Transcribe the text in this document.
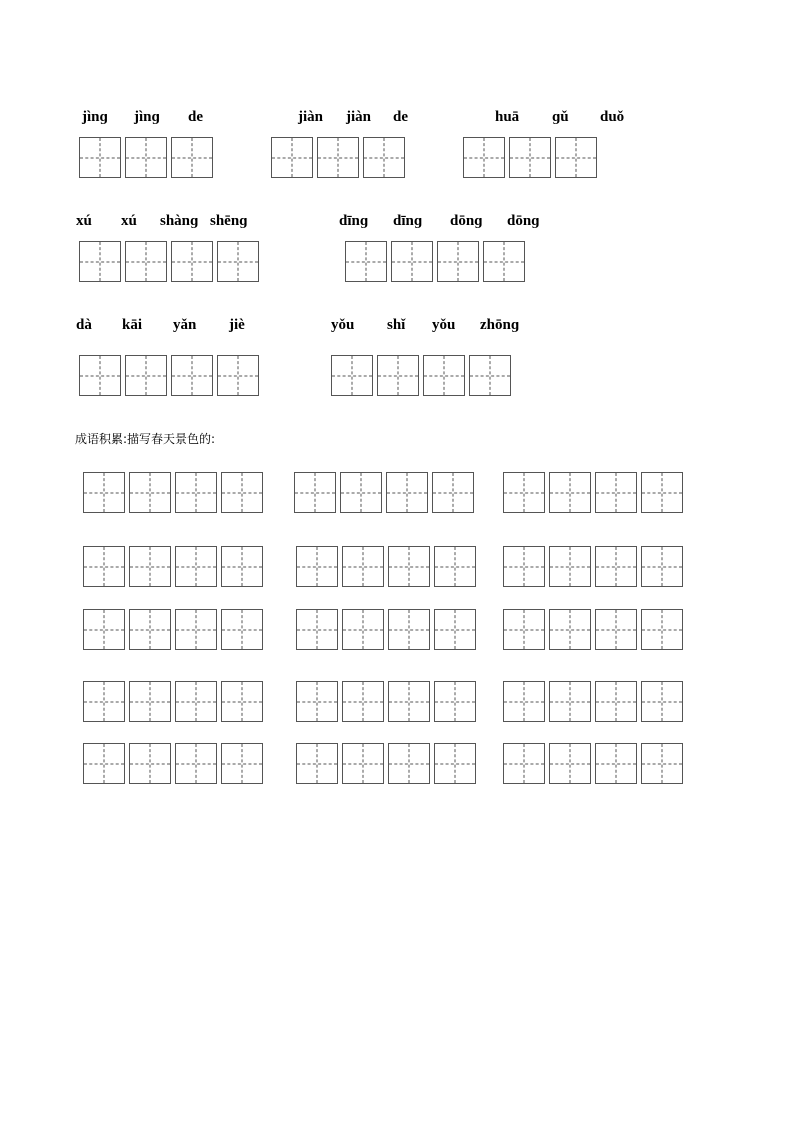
jìnɡ jìnɡ de	jiàn jiàn de	huā ɡǔ duǒ
xú xú shànɡ shēnɡ	dīnɡ dīnɡ dōnɡ dōnɡ
dà kāi yǎn jiè	yǒu shǐ yǒu zhōnɡ
成语积累:描写春天景色的:
